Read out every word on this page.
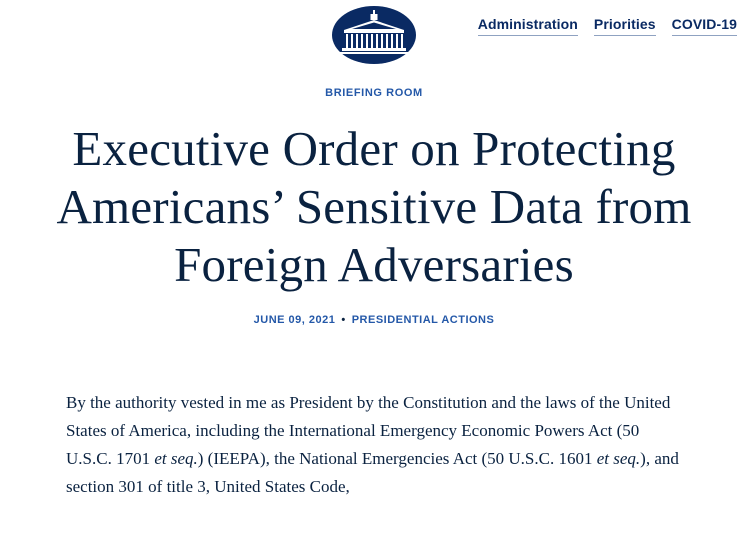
Administration Priorities COVID-19
BRIEFING ROOM
Executive Order on Protecting Americans’ Sensitive Data from Foreign Adversaries
JUNE 09, 2021 • PRESIDENTIAL ACTIONS

By the authority vested in me as President by the Constitution and the laws of the United States of America, including the International Emergency Economic Powers Act (50 U.S.C. 1701 et seq.) (IEEPA), the National Emergencies Act (50 U.S.C. 1601 et seq.), and section 301 of title 3, United States Code,
